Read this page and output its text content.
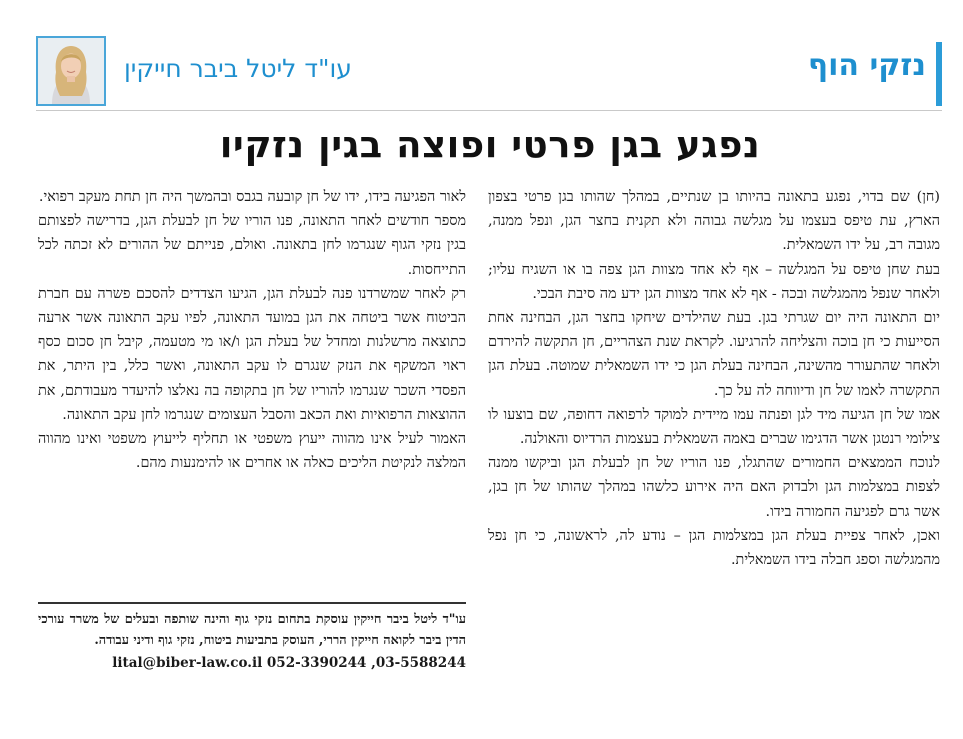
נזקי הוף
עו"ד ליטל ביבר חייקין
נפגע בגן פרטי ופוצה בגין נזקיו

(חן) שם בדוי, נפגע בתאונה בהיותו בן שנתיים, במהלך שהותו בגן פרטי בצפון הארץ, עת טיפס בעצמו על מגלשה גבוהה ולא תקנית בחצר הגן, ונפל ממנה, מגובה רב, על ידו השמאלית.

בעת שחן טיפס על המגלשה – אף לא אחד מצוות הגן צפה בו או השגיח עליו; ולאחר שנפל מהמגלשה ובכה - אף לא אחד מצוות הגן ידע מה סיבת הבכי.

יום התאונה היה יום שגרתי בגן. בעת שהילדים שיחקו בחצר הגן, הבחינה אחת הסייעות כי חן בוכה והצליחה להרגיעו. לקראת שנת הצהריים, חן התקשה להירדם ולאחר שהתעורר מהשינה, הבחינה בעלת הגן כי ידו השמאלית שמוטה. בעלת הגן התקשרה לאמו של חן ודיווחה לה על כך.

אמו של חן הגיעה מיד לגן ופנתה עמו מיידית למוקד לרפואה דחופה, שם בוצעו לו צילומי רנטגן אשר הדגימו שברים באמה השמאלית בעצמות הרדיוס והאולנה.

לנוכח הממצאים החמורים שהתגלו, פנו הוריו של חן לבעלת הגן וביקשו ממנה לצפות במצלמות הגן ולבדוק האם היה אירוע כלשהו במהלך שהותו של חן בגן, אשר גרם לפגיעה החמורה בידו.

ואכן, לאחר צפיית בעלת הגן במצלמות הגן – נודע לה, לראשונה, כי חן נפל מהמגלשה וספג חבלה בידו השמאלית.

לאור הפגיעה בידו, ידו של חן קובעה בגבס ובהמשך היה חן תחת מעקב רפואי.

מספר חודשים לאחר התאונה, פנו הוריו של חן לבעלת הגן, בדרישה לפצותם בגין נזקי הגוף שנגרמו לחן בתאונה. ואולם, פנייתם של ההורים לא זכתה לכל התייחסות.

רק לאחר שמשרדנו פנה לבעלת הגן, הגיעו הצדדים להסכם פשרה עם חברת הביטוח אשר ביטחה את הגן במועד התאונה, לפיו עקב התאונה אשר ארעה כתוצאה מרשלנות ומחדל של בעלת הגן ו/או מי מטעמה, קיבל חן סכום כסף ראוי המשקף את הנזק שנגרם לו עקב התאונה, ואשר כלל, בין היתר, את הפסדי השכר שנגרמו להוריו של חן בתקופה בה נאלצו להיעדר מעבודתם, את ההוצאות הרפואיות ואת הכאב והסבל העצומים שנגרמו לחן עקב התאונה.

האמור לעיל אינו מהווה ייעוץ משפטי או תחליף לייעוץ משפטי ואינו מהווה המלצה לנקיטת הליכים כאלה או אחרים או להימנעות מהם.

עו"ד ליטל ביבר חייקין עוסקת בתחום נזקי גוף והינה שותפה ובעלים של משרד עורכי הדין ביבר לקואה חייקין הררי, העוסק בתביעות ביטוח, נזקי גוף ודיני עבודה.
lital@biber-law.co.il 052-3390244 ,03-5588244
